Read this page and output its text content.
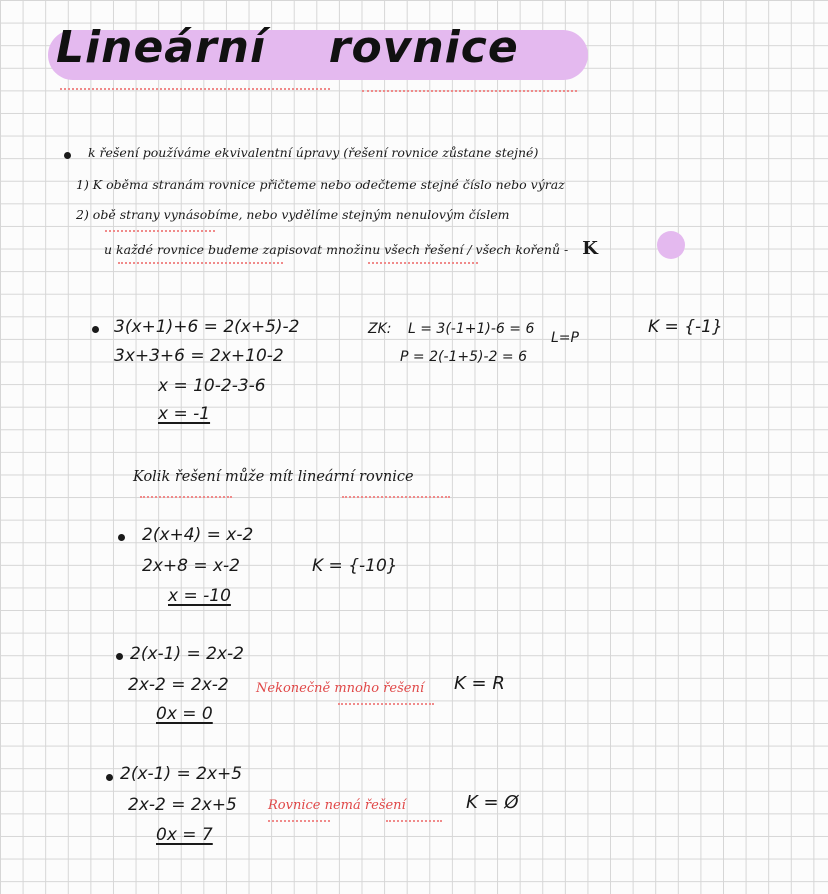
Lineární rovnice
k řešení používáme ekvivalentní úpravy (řešení rovnice zůstane stejné)
1) K oběma stranám rovnice přičteme nebo odečteme stejné číslo nebo výraz
2) obě strany vynásobíme, nebo vydělíme stejným nenulovým číslem
u každé rovnice budeme zapisovat množinu všech řešení / všech kořenů - K
3(x+1)+6 = 2(x+5)-2
3x+3+6 = 2x+10-2
x = 10-2-3-6
x = -1
ZK: L = 3(-1+1)-6 = 6
P = 2(-1+5)-2 = 6
L=P
K = {-1}
Kolik řešení může mít lineární rovnice
2(x+4) = x-2
2x+8 = x-2
x = -10
K = {-10}
2(x-1) = 2x-2
2x-2 = 2x-2
0x = 0
Nekonečně mnoho řešení K = R
2(x-1) = 2x+5
2x-2 = 2x+5
0x = 7
Rovnice nemá řešení	K = Ø
